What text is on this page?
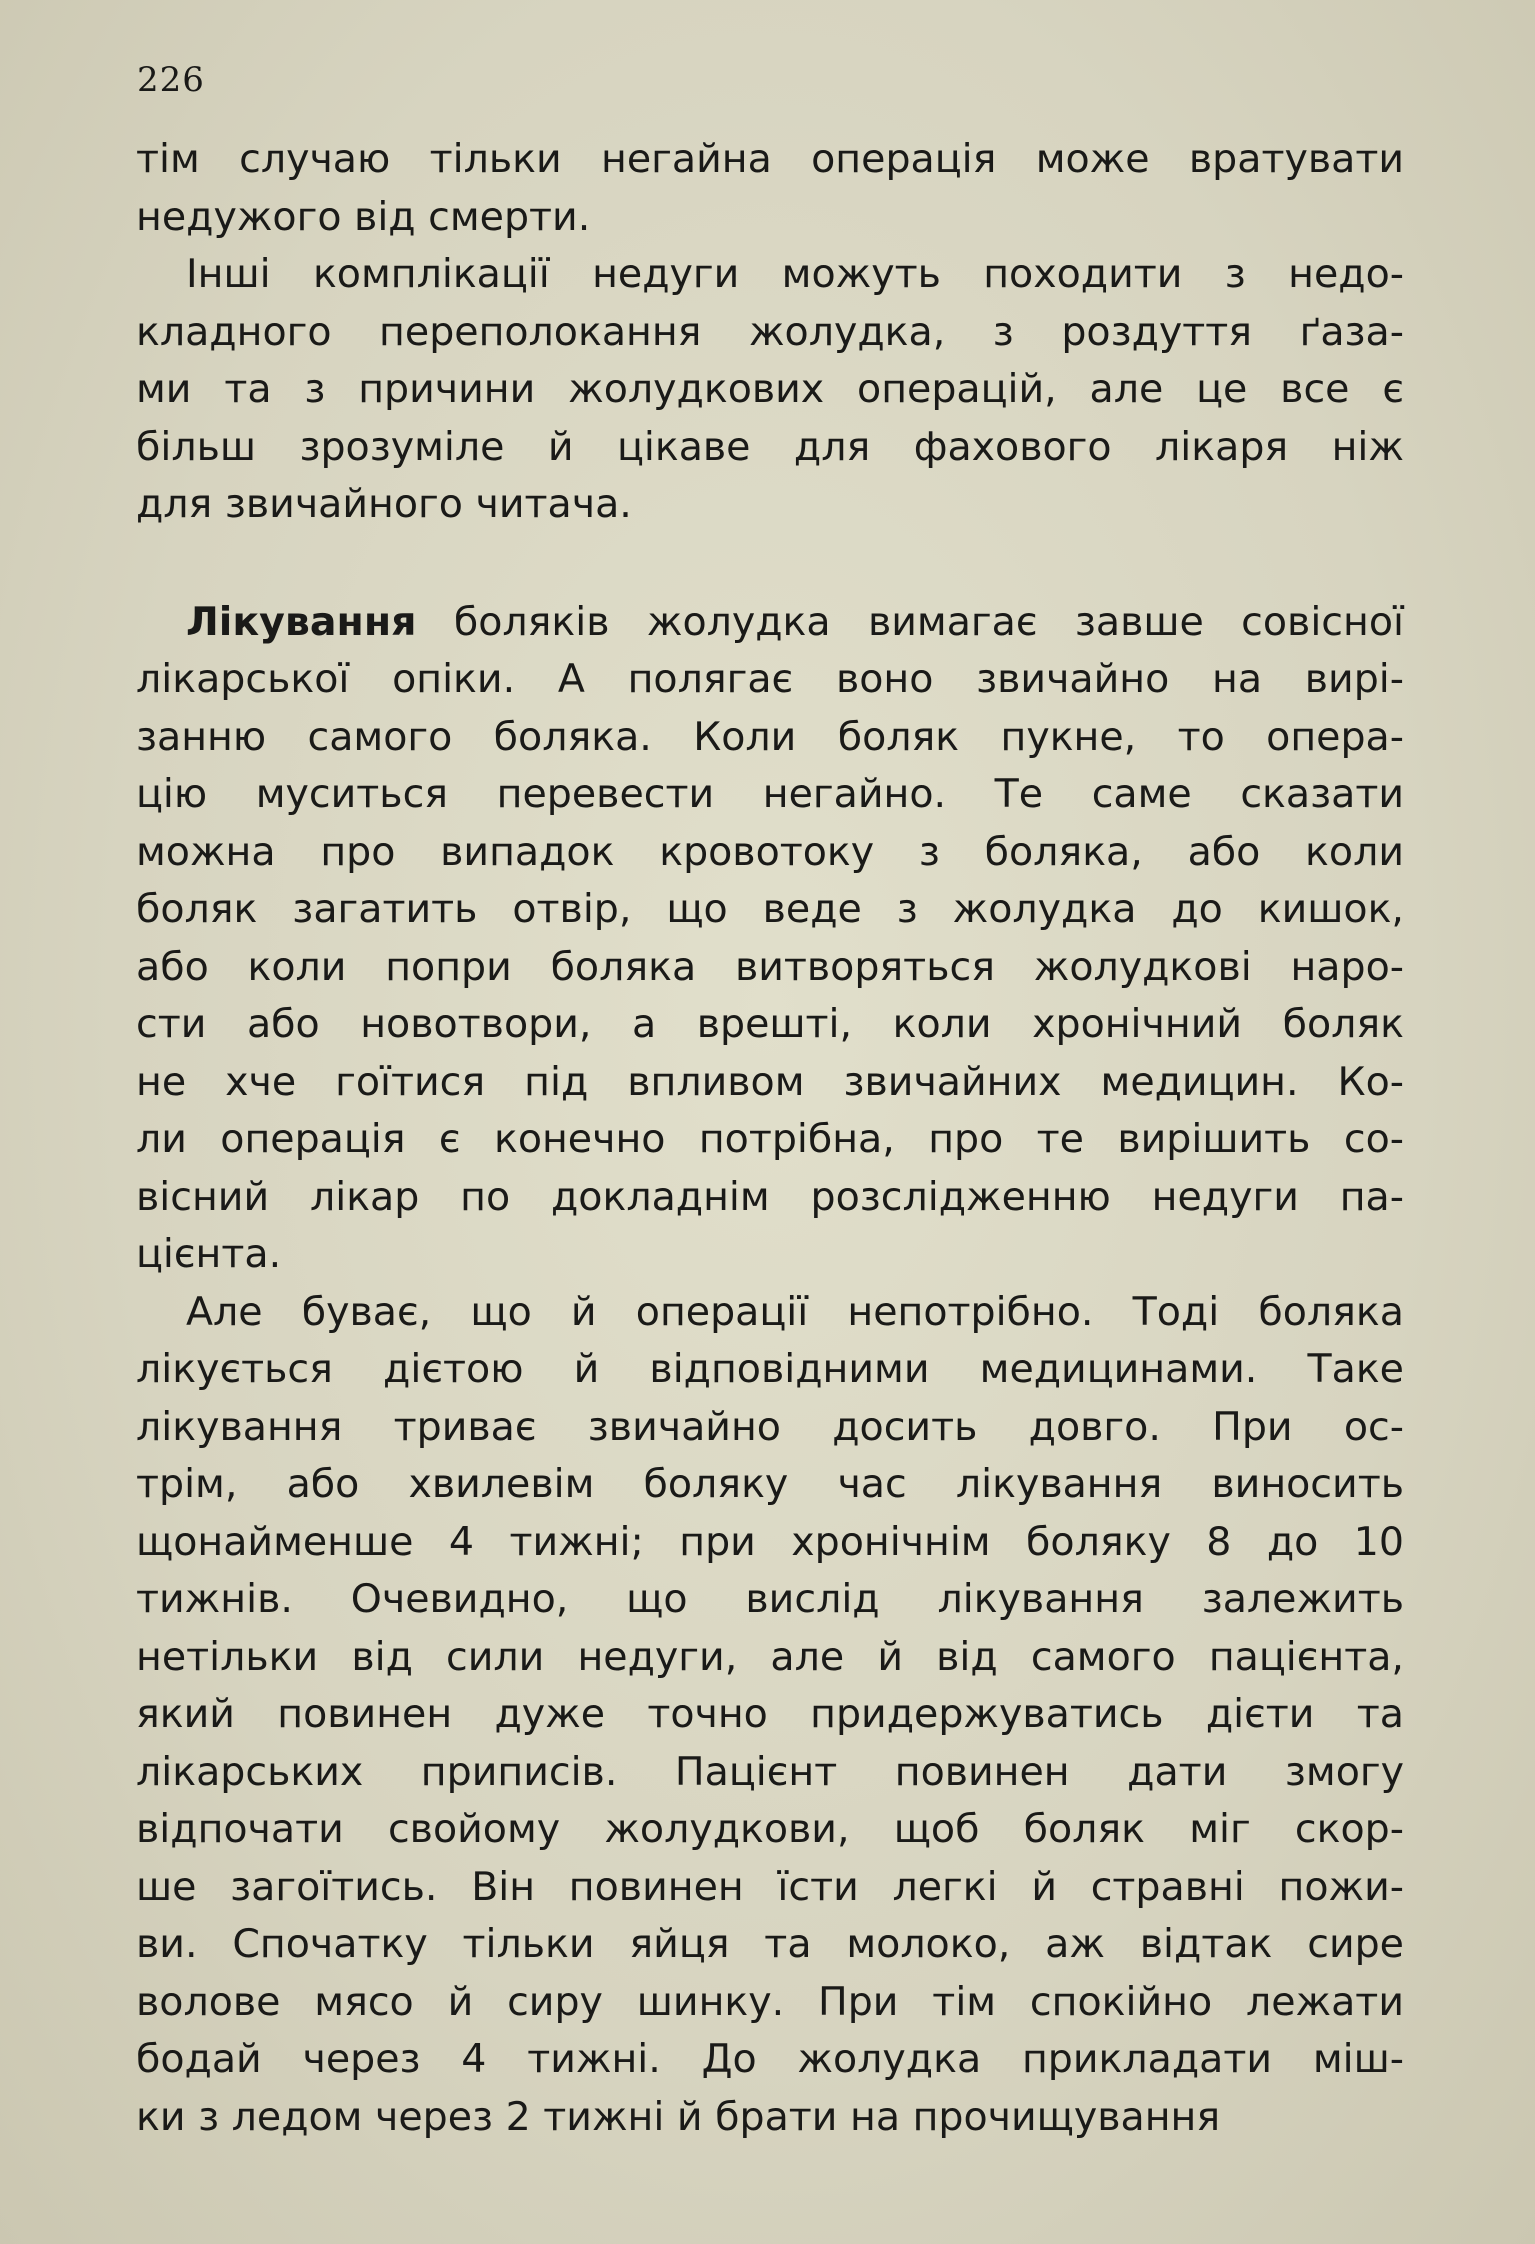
226
тім случаю тільки негайна операція може вратувати
недужого від смерти.
Інші комплікації недуги можуть походити з недо-
кладного переполокання жолудка, з роздуття ґаза-
ми та з причини жолудкових операцій, але це все є
більш зрозуміле й цікаве для фахового лікаря ніж
для звичайного читача.
Лікування боляків жолудка вимагає завше совісної
лікарської опіки. А полягає воно звичайно на вирі-
занню самого боляка. Коли боляк пукне, то опера-
цію муситься перевести негайно. Те саме сказати
можна про випадок кровотоку з боляка, або коли
боляк загатить отвір, що веде з жолудка до кишок,
або коли попри боляка витворяться жолудкові наро-
сти або новотвори, а врешті, коли хронічний боляк
не хче гоїтися під впливом звичайних медицин. Ко-
ли операція є конечно потрібна, про те вирішить со-
вісний лікар по докладнім розслідженню недуги па-
цієнта.
Але буває, що й операції непотрібно. Тоді боляка
лікується дієтою й відповідними медицинами. Таке
лікування триває звичайно досить довго. При ос-
трім, або хвилевім боляку час лікування виносить
щонайменше 4 тижні; при хронічнім боляку 8 до 10
тижнів. Очевидно, що вислід лікування залежить
нетільки від сили недуги, але й від самого пацієнта,
який повинен дуже точно придержуватись дієти та
лікарських приписів. Пацієнт повинен дати змогу
відпочати свойому жолудкови, щоб боляк міг скор-
ше загоїтись. Він повинен їсти легкі й стравні пожи-
ви. Спочатку тільки яйця та молоко, аж відтак сире
волове мясо й сиру шинку. При тім спокійно лежати
бодай через 4 тижні. До жолудка прикладати міш-
ки з ледом через 2 тижні й брати на прочищування
